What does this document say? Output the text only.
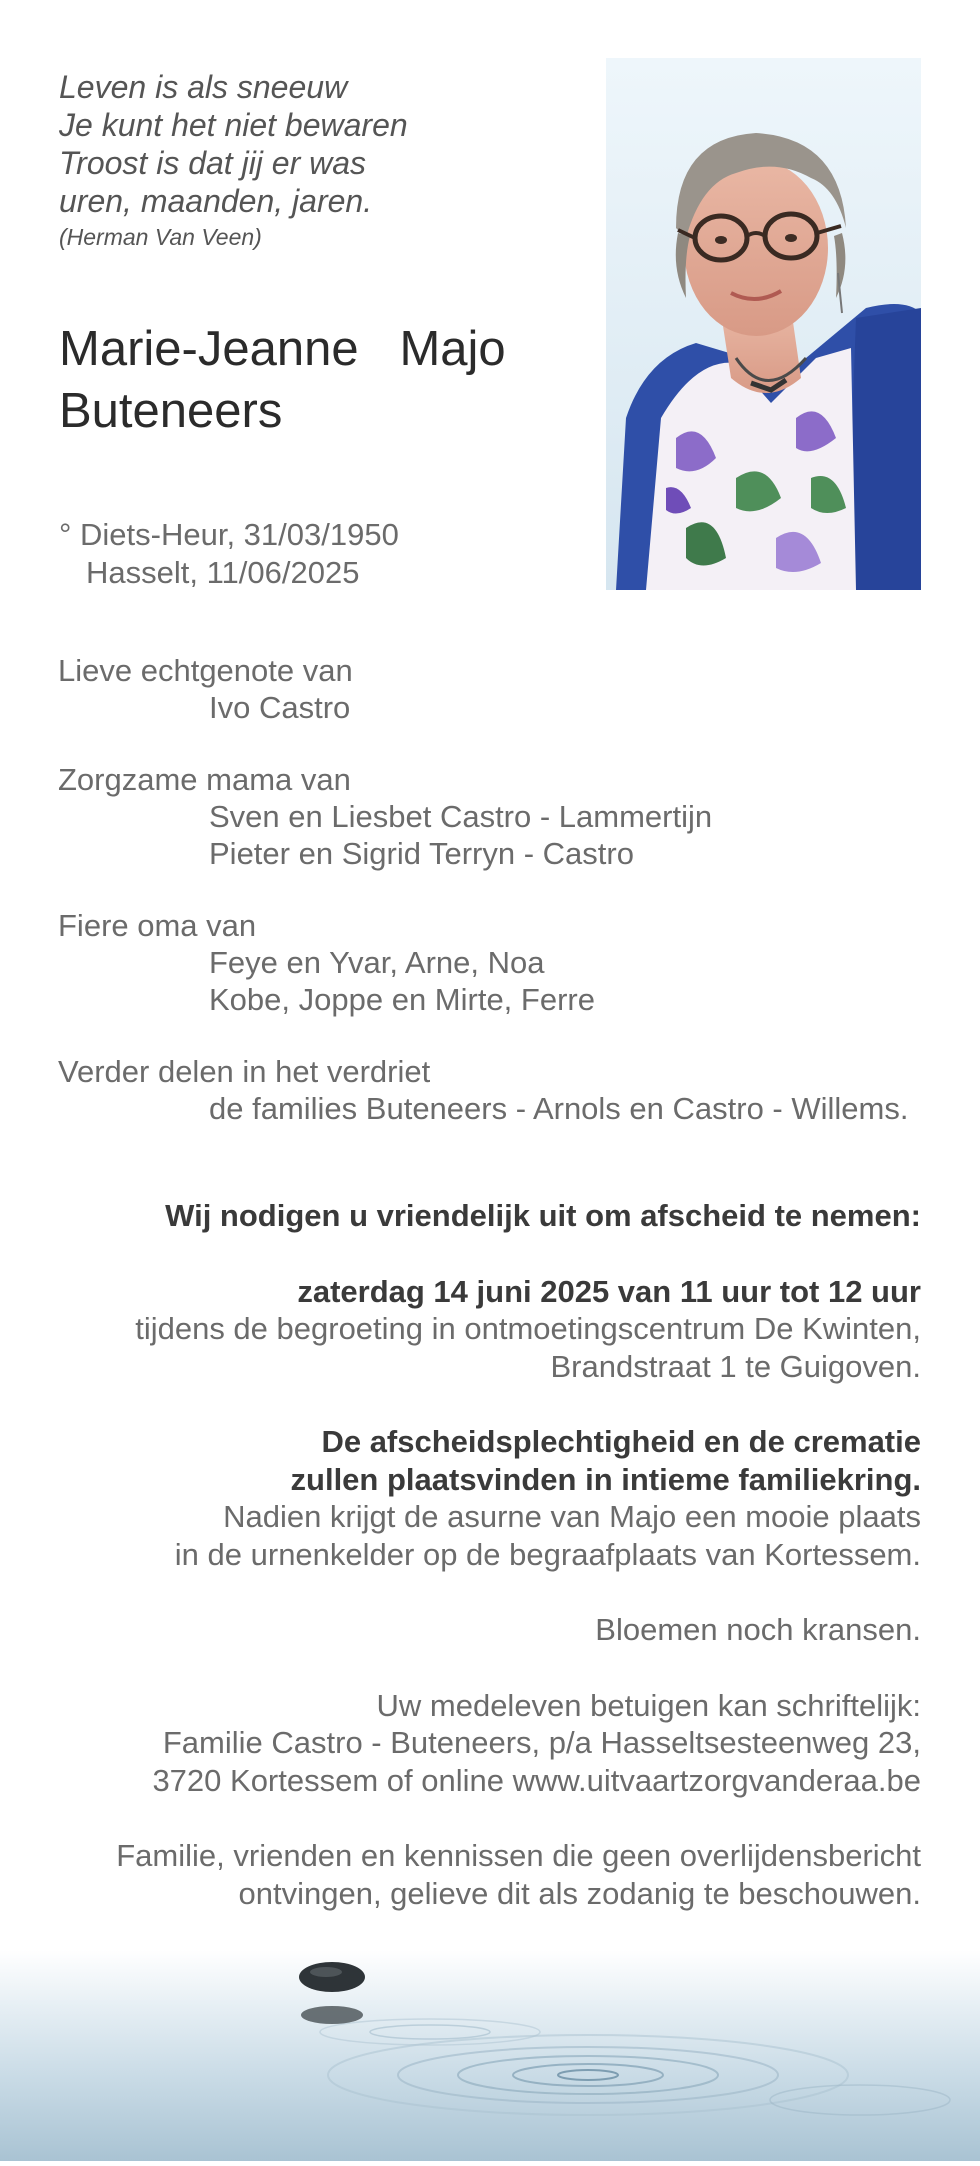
Leven is als sneeuw
Je kunt het niet bewaren
Troost is dat jij er was
uren, maanden, jaren.
(Herman Van Veen)
Marie-Jeanne   Majo
Buteneers
° Diets-Heur, 31/03/1950
Hasselt, 11/06/2025
Lieve echtgenote van
Ivo Castro
Zorgzame mama van
Sven en Liesbet Castro - Lammertijn
Pieter en Sigrid Terryn - Castro
Fiere oma van
Feye en Yvar, Arne, Noa
Kobe, Joppe en Mirte, Ferre
Verder delen in het verdriet
de families Buteneers - Arnols en Castro - Willems.
Wij nodigen u vriendelijk uit om afscheid te nemen:
zaterdag 14 juni 2025 van 11 uur tot 12 uur
tijdens de begroeting in ontmoetingscentrum De Kwinten,
Brandstraat 1 te Guigoven.
De afscheidsplechtigheid en de crematie
zullen plaatsvinden in intieme familiekring.
Nadien krijgt de asurne van Majo een mooie plaats
in de urnenkelder op de begraafplaats van Kortessem.
Bloemen noch kransen.
Uw medeleven betuigen kan schriftelijk:
Familie Castro - Buteneers, p/a Hasseltsesteenweg 23,
3720 Kortessem of online www.uitvaartzorgvanderaa.be
Familie, vrienden en kennissen die geen overlijdensbericht
ontvingen, gelieve dit als zodanig te beschouwen.
